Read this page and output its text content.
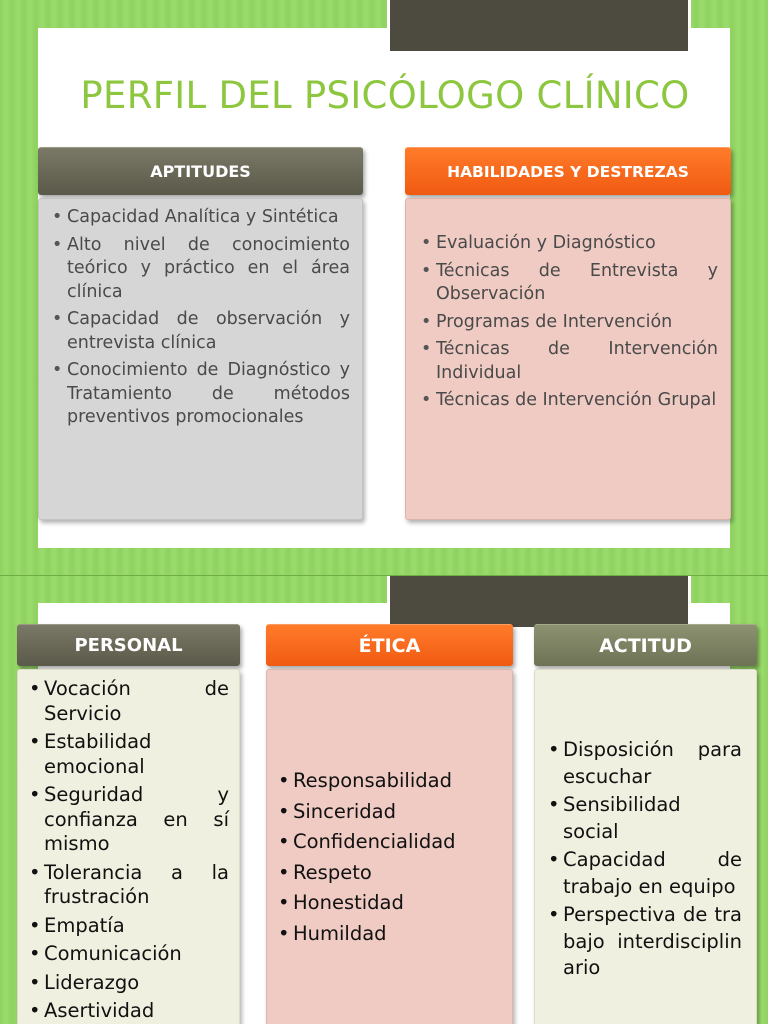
PERFIL DEL PSICÓLOGO CLÍNICO
APTITUDES
• Capacidad Analítica y Sintética
• Alto nivel de conocimiento teórico y práctico en el área clínica
• Capacidad de observación y entrevista clínica
• Conocimiento de Diagnóstico y Tratamiento de métodos preventivos promocionales
HABILIDADES Y DESTREZAS
• Evaluación y Diagnóstico
• Técnicas de Entrevista y Observación
• Programas de Intervención
• Técnicas de Intervención Individual
• Técnicas de Intervención Grupal
PERSONAL
• Vocación de Servicio
• Estabilidad emocional
• Seguridad y confianza en sí mismo
• Tolerancia a la frustración
• Empatía
• Comunicación
• Liderazgo
• Asertividad
ÉTICA
• Responsabilidad
• Sinceridad
• Confidencialidad
• Respeto
• Honestidad
• Humildad
ACTITUD
• Disposición para escuchar
• Sensibilidad social
• Capacidad de trabajo en equipo
• Perspectiva de trabajo interdisciplinario
